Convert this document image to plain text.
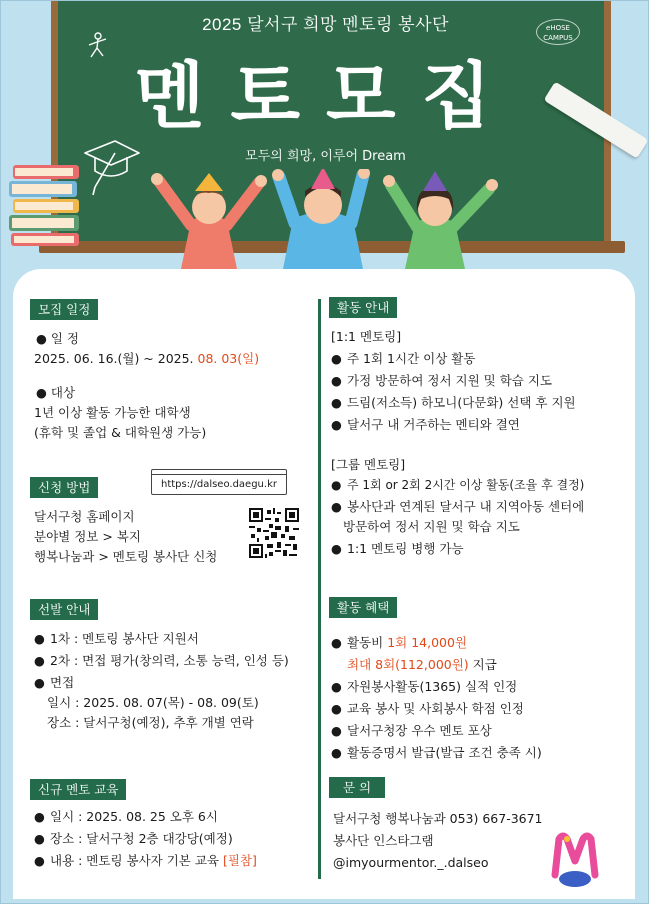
eHOSE
CAMPUS
2025 달서구 희망 멘토링 봉사단
멘토모집
모두의 희망, 이루어 Dream
모집 일정
● 일 정
2025. 06. 16.(월) ~ 2025. 08. 03(일)
● 대상
1년 이상 활동 가능한 대학생
(휴학 및 졸업 & 대학원생 가능)
신청 방법	https://dalseo.daegu.kr
달서구청 홈페이지
분야별 정보 > 복지
행복나눔과 > 멘토링 봉사단 신청
선발 안내
● 1차 : 멘토링 봉사단 지원서
● 2차 : 면접 평가(창의력, 소통 능력, 인성 등)
● 면접
일시 : 2025. 08. 07(목) - 08. 09(토)
장소 : 달서구청(예정), 추후 개별 연락
신규 멘토 교육
● 일시 : 2025. 08. 25 오후 6시
● 장소 : 달서구청 2층 대강당(예정)
● 내용 : 멘토링 봉사자 기본 교육 [필참]
활동 안내
[1:1 멘토링]
● 주 1회 1시간 이상 활동
● 가정 방문하여 정서 지원 및 학습 지도
● 드림(저소득) 하모니(다문화) 선택 후 지원
● 달서구 내 거주하는 멘티와 결연
[그룹 멘토링]
● 주 1회 or 2회 2시간 이상 활동(조율 후 결정)
● 봉사단과 연계된 달서구 내 지역아동 센터에
방문하여 정서 지원 및 학습 지도
● 1:1 멘토링 병행 가능
활동 혜택
● 활동비 1회 14,000원
최대 8회(112,000원) 지급
● 자원봉사활동(1365) 실적 인정
● 교육 봉사 및 사회봉사 학점 인정
● 달서구청장 우수 멘토 포상
● 활동증명서 발급(발급 조건 충족 시)
문 의
달서구청 행복나눔과 053) 667-3671
봉사단 인스타그램
@imyourmentor._.dalseo
